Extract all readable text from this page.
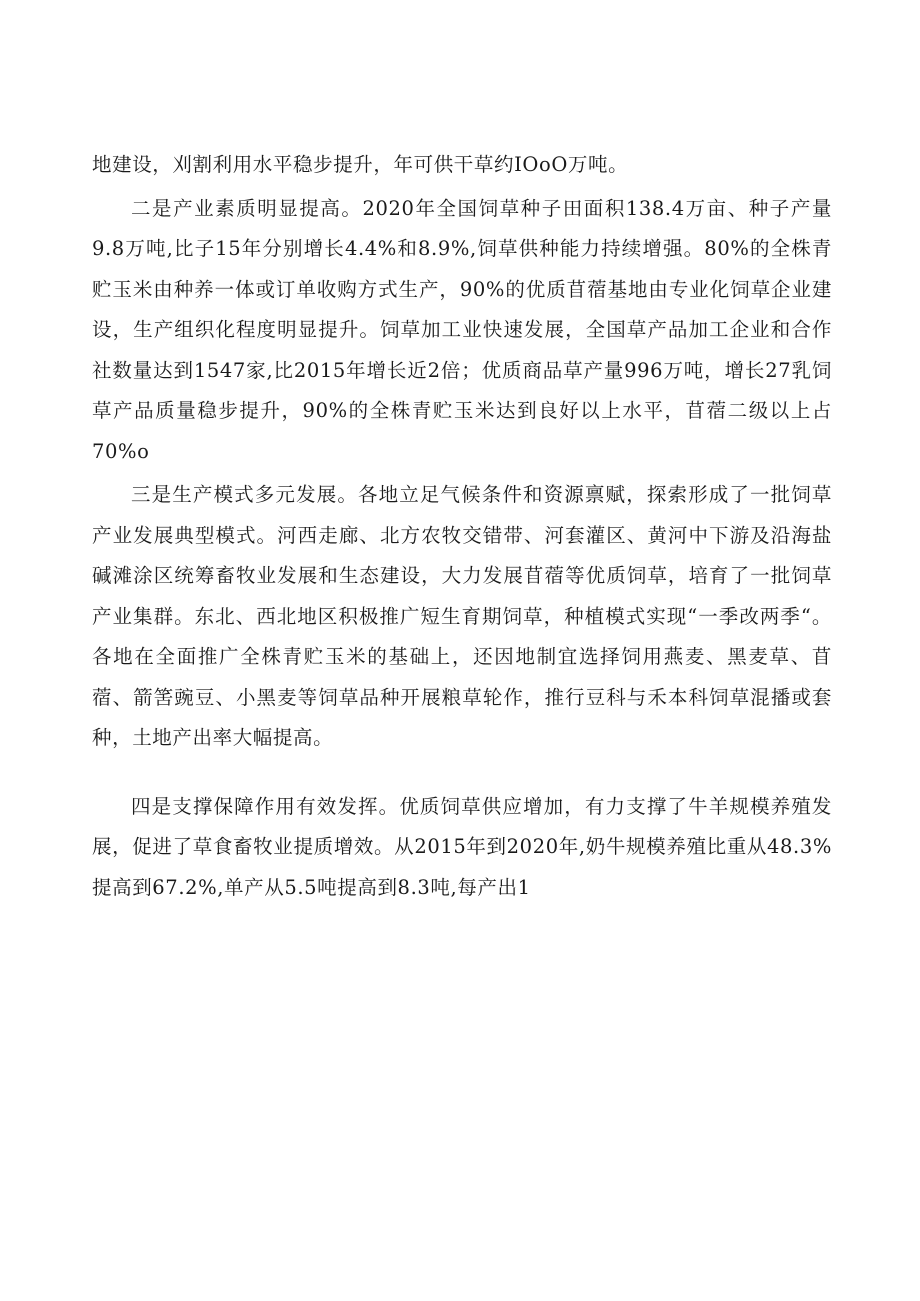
地建设，刈割利用水平稳步提升，年可供干草约IOoO万吨。

二是产业素质明显提高。2020年全国饲草种子田面积138.4万亩、种子产量9.8万吨,比子15年分别增长4.4%和8.9%,饲草供种能力持续增强。80%的全株青贮玉米由种养一体或订单收购方式生产，90%的优质苜蓿基地由专业化饲草企业建设，生产组织化程度明显提升。饲草加工业快速发展，全国草产品加工企业和合作社数量达到1547家,比2015年增长近2倍；优质商品草产量996万吨，增长27乳饲草产品质量稳步提升，90%的全株青贮玉米达到良好以上水平，苜蓿二级以上占70%o

三是生产模式多元发展。各地立足气候条件和资源禀赋，探索形成了一批饲草产业发展典型模式。河西走廊、北方农牧交错带、河套灌区、黄河中下游及沿海盐碱滩涂区统筹畜牧业发展和生态建设，大力发展苜蓿等优质饲草，培育了一批饲草产业集群。东北、西北地区积极推广短生育期饲草，种植模式实现“一季改两季“。各地在全面推广全株青贮玉米的基础上，还因地制宜选择饲用燕麦、黑麦草、苜蓿、箭筈豌豆、小黑麦等饲草品种开展粮草轮作，推行豆科与禾本科饲草混播或套种，土地产出率大幅提高。

四是支撑保障作用有效发挥。优质饲草供应增加，有力支撑了牛羊规模养殖发展，促进了草食畜牧业提质增效。从2015年到2020年,奶牛规模养殖比重从48.3%提高到67.2%,单产从5.5吨提高到8.3吨,每产出1
